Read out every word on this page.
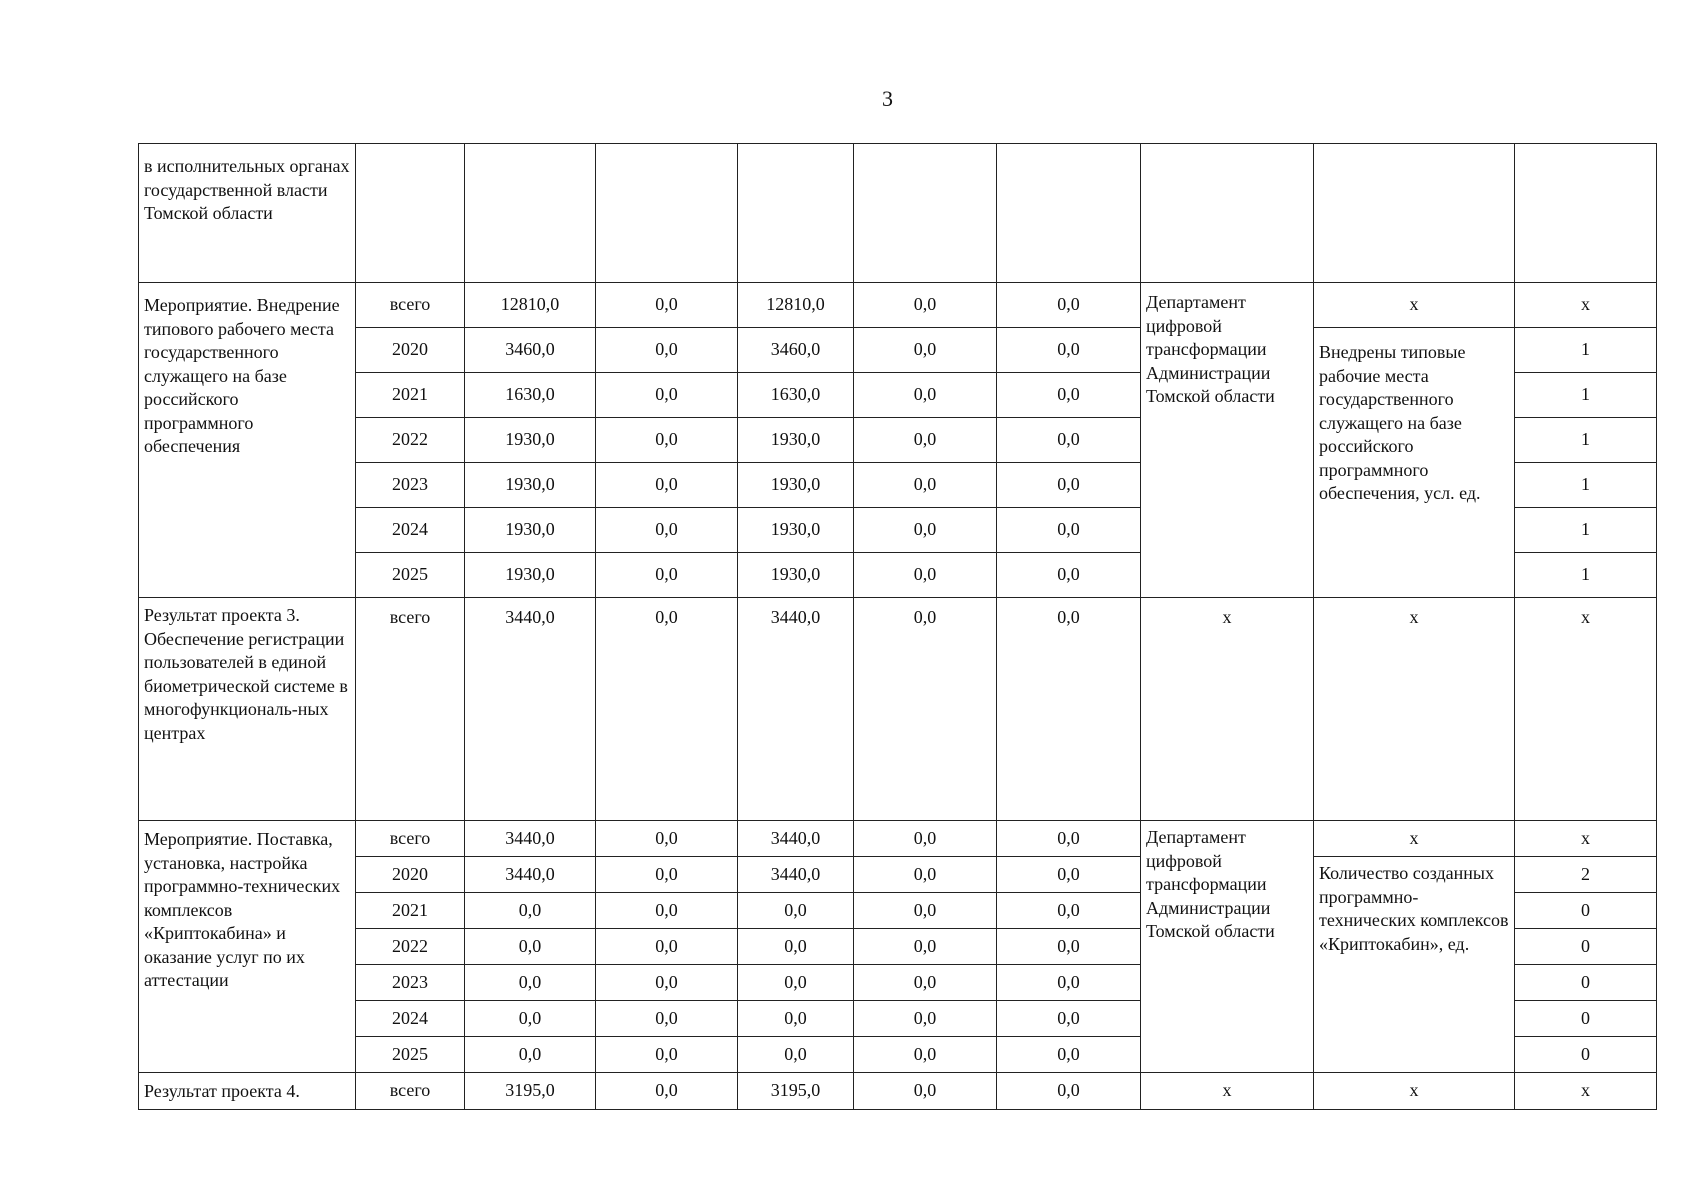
3
в исполнительных органах государственной власти Томской области									
Мероприятие. Внедрение типового рабочего места государственного служащего на базе российского программного обеспечения	всего	12810,0	0,0	12810,0	0,0	0,0	Департамент цифровой трансформации Администрации Томской области	х	х
	2020	3460,0	0,0	3460,0	0,0	0,0		Внедрены типовые рабочие места государственного служащего на базе российского программного обеспечения, усл. ед.	1
	2021	1630,0	0,0	1630,0	0,0	0,0			1
	2022	1930,0	0,0	1930,0	0,0	0,0			1
	2023	1930,0	0,0	1930,0	0,0	0,0			1
	2024	1930,0	0,0	1930,0	0,0	0,0			1
	2025	1930,0	0,0	1930,0	0,0	0,0			1
Результат проекта 3. Обеспечение регистрации пользователей в единой биометрической системе в многофункциональ-ных центрах	всего	3440,0	0,0	3440,0	0,0	0,0	х	х	х
Мероприятие. Поставка, установка, настройка программно-технических комплексов «Криптокабина» и оказание услуг по их аттестации	всего	3440,0	0,0	3440,0	0,0	0,0	Департамент цифровой трансформации Администрации Томской области	х	х
	2020	3440,0	0,0	3440,0	0,0	0,0		Количество созданных программно-технических комплексов «Криптокабин», ед.	2
	2021	0,0	0,0	0,0	0,0	0,0			0
	2022	0,0	0,0	0,0	0,0	0,0			0
	2023	0,0	0,0	0,0	0,0	0,0			0
	2024	0,0	0,0	0,0	0,0	0,0			0
	2025	0,0	0,0	0,0	0,0	0,0			0
Результат проекта 4.	всего	3195,0	0,0	3195,0	0,0	0,0	х	х	х
